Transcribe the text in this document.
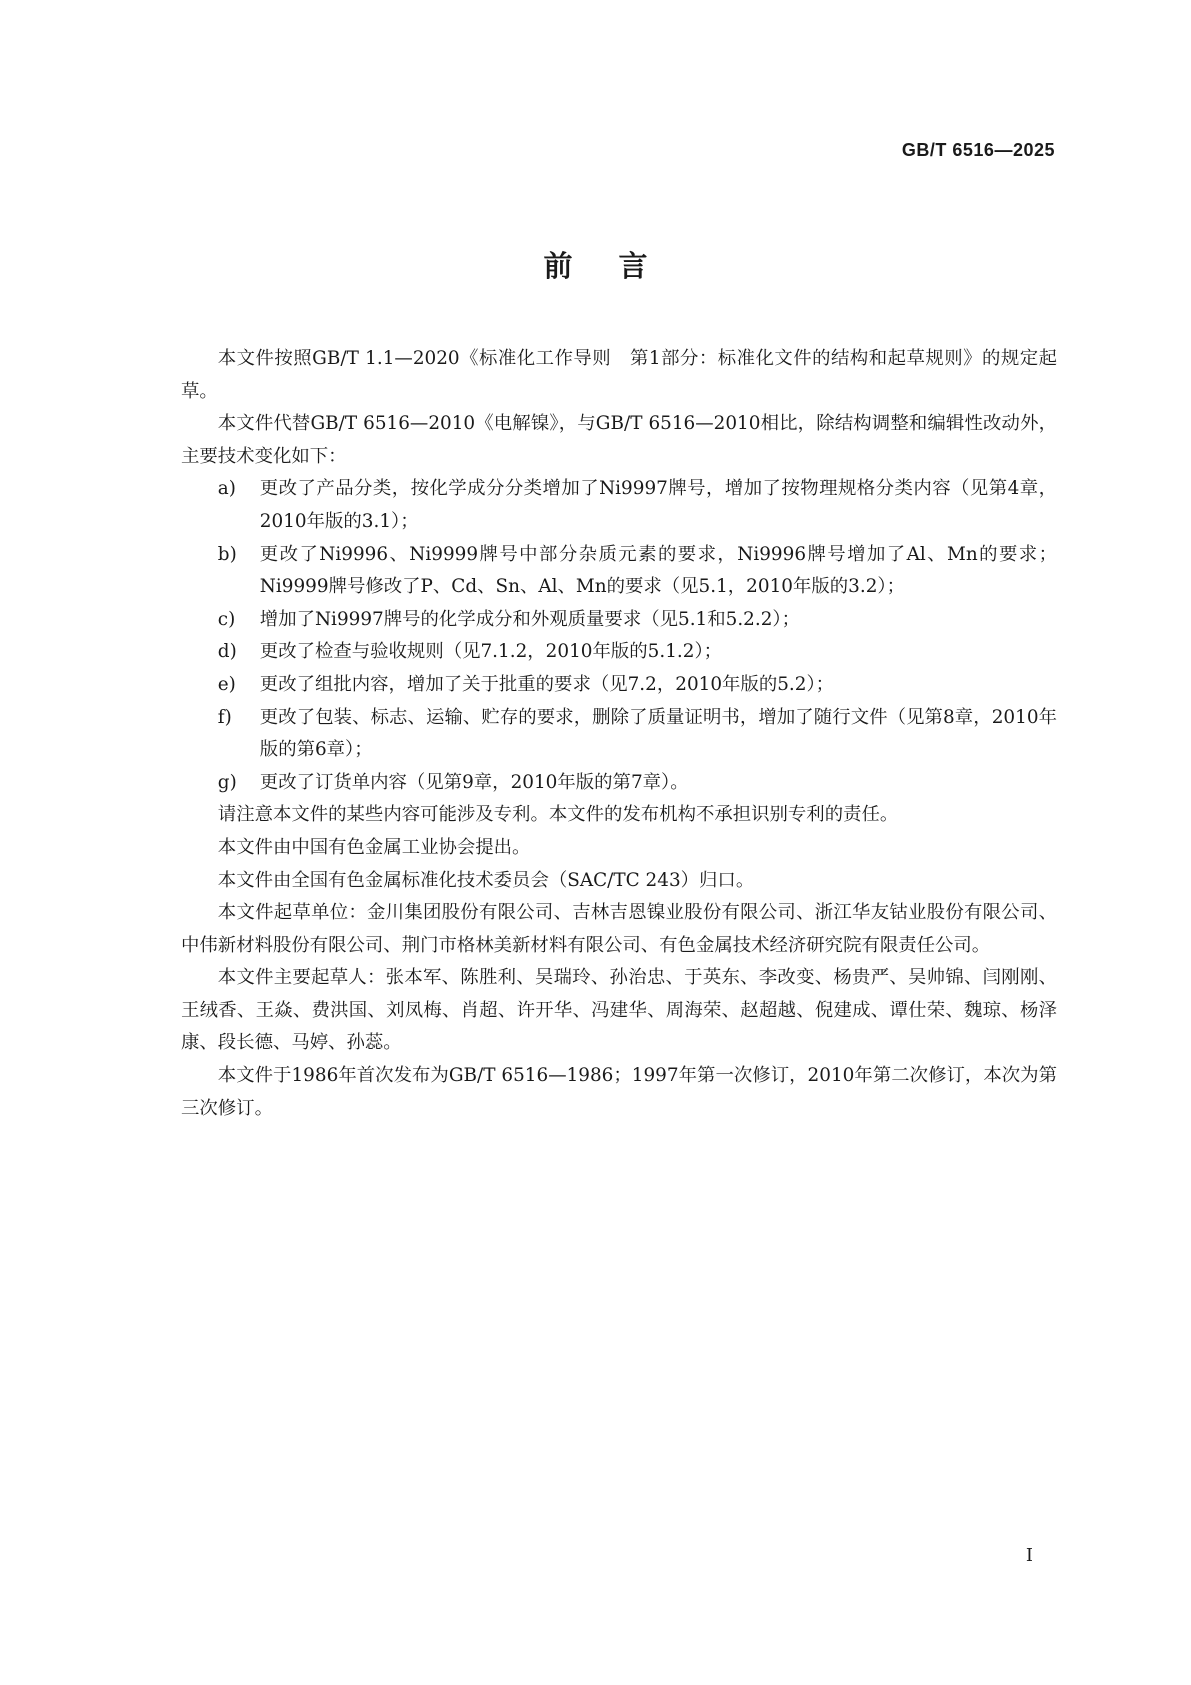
GB/T 6516—2025
前言

本文件按照GB/T 1.1—2020《标准化工作导则　第1部分：标准化文件的结构和起草规则》的规定起草。

本文件代替GB/T 6516—2010《电解镍》，与GB/T 6516—2010相比，除结构调整和编辑性改动外，主要技术变化如下：

a)	更改了产品分类，按化学成分分类增加了Ni9997牌号，增加了按物理规格分类内容（见第4章，2010年版的3.1）；
b)	更改了Ni9996、Ni9999牌号中部分杂质元素的要求，Ni9996牌号增加了Al、Mn的要求；Ni9999牌号修改了P、Cd、Sn、Al、Mn的要求（见5.1，2010年版的3.2）；
c)	增加了Ni9997牌号的化学成分和外观质量要求（见5.1和5.2.2）；
d)	更改了检查与验收规则（见7.1.2，2010年版的5.1.2）；
e)	更改了组批内容，增加了关于批重的要求（见7.2，2010年版的5.2）；
f)	更改了包装、标志、运输、贮存的要求，删除了质量证明书，增加了随行文件（见第8章，2010年版的第6章）；
g)	更改了订货单内容（见第9章，2010年版的第7章）。

请注意本文件的某些内容可能涉及专利。本文件的发布机构不承担识别专利的责任。

本文件由中国有色金属工业协会提出。

本文件由全国有色金属标准化技术委员会（SAC/TC 243）归口。

本文件起草单位：金川集团股份有限公司、吉林吉恩镍业股份有限公司、浙江华友钴业股份有限公司、中伟新材料股份有限公司、荆门市格林美新材料有限公司、有色金属技术经济研究院有限责任公司。

本文件主要起草人：张本军、陈胜利、吴瑞玲、孙治忠、于英东、李改变、杨贵严、吴帅锦、闫刚刚、王绒香、王焱、费洪国、刘凤梅、肖超、许开华、冯建华、周海荣、赵超越、倪建成、谭仕荣、魏琼、杨泽康、段长德、马婷、孙蕊。

本文件于1986年首次发布为GB/T 6516—1986；1997年第一次修订，2010年第二次修订，本次为第三次修订。

I
